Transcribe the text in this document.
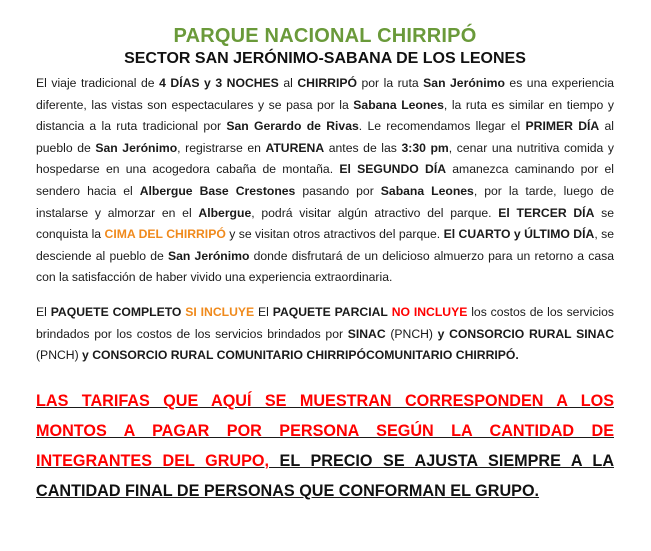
PARQUE NACIONAL CHIRRIPÓ
SECTOR SAN JERÓNIMO-SABANA DE LOS LEONES

El viaje tradicional de 4 DÍAS y 3 NOCHES al CHIRRIPÓ por la ruta San Jerónimo es una experiencia diferente, las vistas son espectaculares y se pasa por la Sabana Leones, la ruta es similar en tiempo y distancia a la ruta tradicional por San Gerardo de Rivas. Le recomendamos llegar el PRIMER DÍA al pueblo de San Jerónimo, registrarse en ATURENA antes de las 3:30 pm, cenar una nutritiva comida y hospedarse en una acogedora cabaña de montaña. El SEGUNDO DÍA amanezca caminando por el sendero hacia el Albergue Base Crestones pasando por Sabana Leones, por la tarde, luego de instalarse y almorzar en el Albergue, podrá visitar algún atractivo del parque. El TERCER DÍA se conquista la CIMA DEL CHIRRIPÓ y se visitan otros atractivos del parque. El CUARTO y ÚLTIMO DÍA, se desciende al pueblo de San Jerónimo donde disfrutará de un delicioso almuerzo para un retorno a casa con la satisfacción de haber vivido una experiencia extraordinaria.

El PAQUETE COMPLETO SI INCLUYE El PAQUETE PARCIAL NO INCLUYE los costos de los servicios brindados por los costos de los servicios brindados por SINAC (PNCH) y CONSORCIO RURAL SINAC (PNCH) y CONSORCIO RURAL COMUNITARIO CHIRRIPÓCOMUNITARIO CHIRRIPÓ.

LAS TARIFAS QUE AQUÍ SE MUESTRAN CORRESPONDEN A LOS MONTOS A PAGAR POR PERSONA SEGÚN LA CANTIDAD DE INTEGRANTES DEL GRUPO, EL PRECIO SE AJUSTA SIEMPRE A LA CANTIDAD FINAL DE PERSONAS QUE CONFORMAN EL GRUPO.
